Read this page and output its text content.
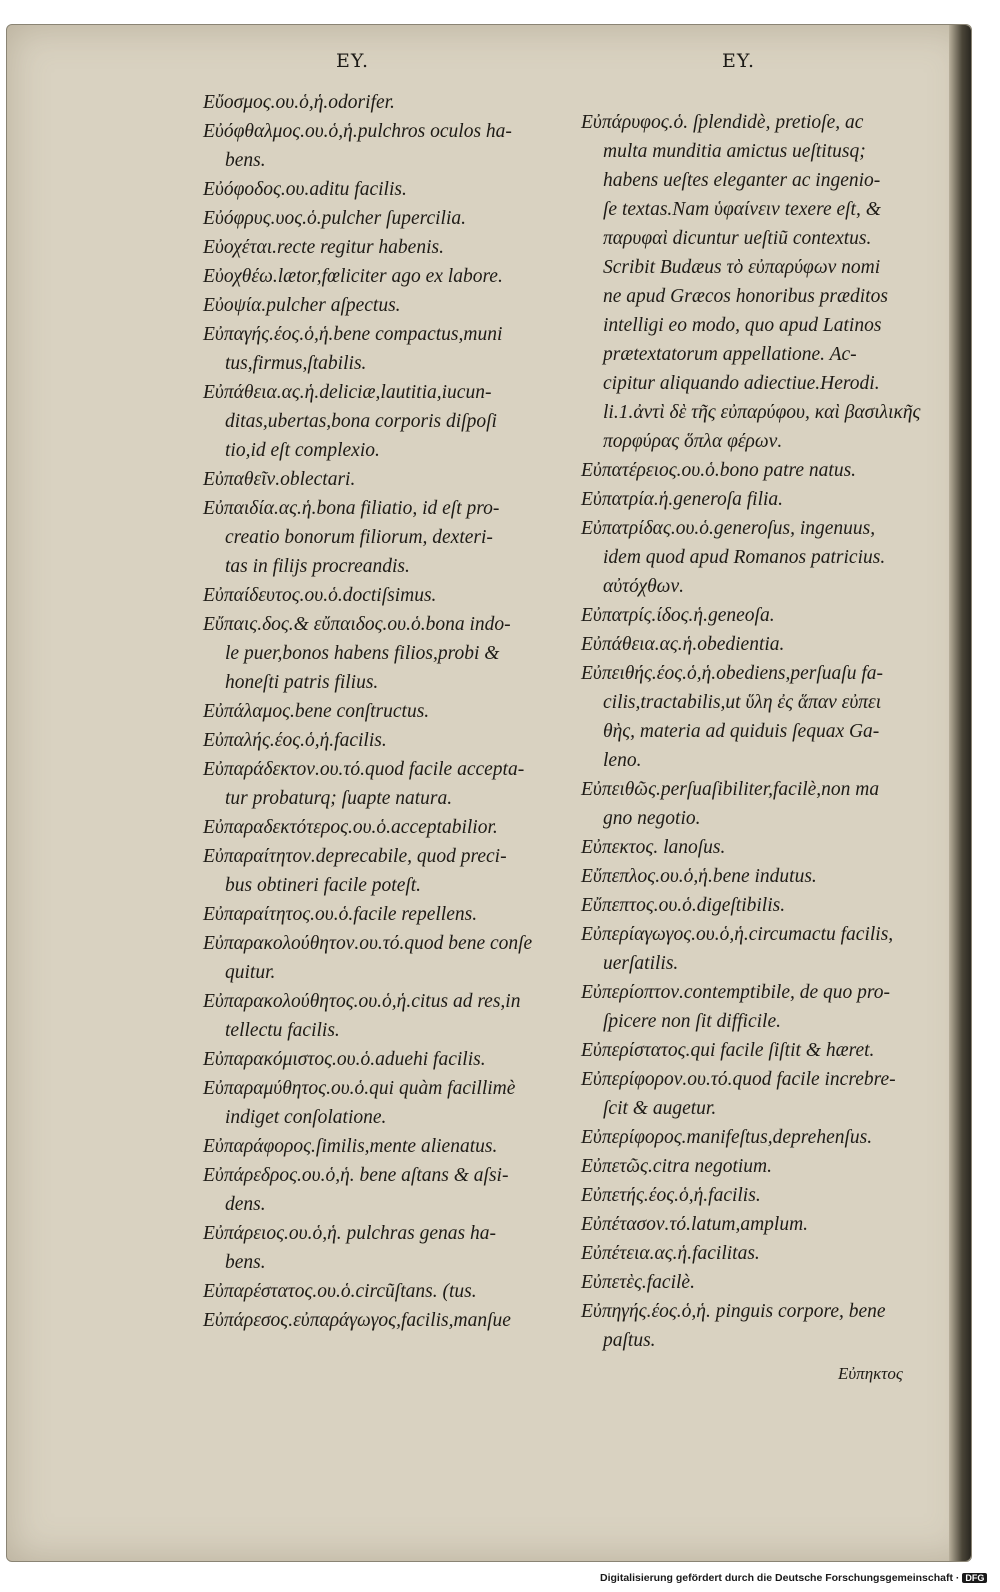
EY.	EY.
Εὔοσμος.ου.ὁ,ἡ.odorifer.
Εὐόφθαλμος.ου.ὁ,ἡ.pulchros oculos ha-
bens.
Εὐόφοδος.ου.aditu facilis.
Εὐόφρυς.υος.ὁ.pulcher ſupercilia.
Εὐοχέται.recte regitur habenis.
Εὐοχθέω.lætor,fœliciter ago ex labore.
Εὐοψία.pulcher aſpectus.
Εὐπαγής.έος.ὁ,ἡ.bene compactus,muni
tus,firmus,ſtabilis.
Εὐπάθεια.ας.ἡ.deliciæ,lautitia,iucun-
ditas,ubertas,bona corporis diſpoſi
tio,id eſt complexio.
Εὐπαθεῖν.oblectari.
Εὐπαιδία.ας.ἡ.bona filiatio, id eſt pro-
creatio bonorum filiorum, dexteri-
tas in filijs procreandis.
Εὐπαίδευτος.ου.ὁ.doctiſsimus.
Εὔπαις.δος.& εὔπαιδος.ου.ὁ.bona indo-
le puer,bonos habens filios,probi &
honeſti patris filius.
Εὐπάλαμος.bene conſtructus.
Εὐπαλής.έος.ὁ,ἡ.facilis.
Εὐπαράδεκτον.ου.τό.quod facile accepta-
tur probaturq; ſuapte natura.
Εὐπαραδεκτότερος.ου.ὁ.acceptabilior.
Εὐπαραίτητον.deprecabile, quod preci-
bus obtineri facile poteſt.
Εὐπαραίτητος.ου.ὁ.facile repellens.
Εὐπαρακολούθητον.ου.τό.quod bene conſe
quitur.
Εὐπαρακολούθητος.ου.ὁ,ἡ.citus ad res,in
tellectu facilis.
Εὐπαρακόμιστος.ου.ὁ.aduehi facilis.
Εὐπαραμύθητος.ου.ὁ.qui quàm facillimè
indiget conſolatione.
Εὐπαράφορος.ſimilis,mente alienatus.
Εὐπάρεδρος.ου.ὁ,ἡ. bene aſtans & aſsi-
dens.
Εὐπάρειος.ου.ὁ,ἡ. pulchras genas ha-
bens.
Εὐπαρέστατος.ου.ὁ.circũſtans. (tus.
Εὐπάρεσος.εὐπαράγωγος,facilis,manſue
Εὐπάρυφος.ὁ. ſplendidè, pretioſe, ac
multa munditia amictus ueſtitusq;
habens ueſtes eleganter ac ingenio-
ſe textas.Nam ὑφαίνειν texere eſt, &
παρυφαὶ dicuntur ueſtiũ contextus.
Scribit Budæus τὸ εὐπαρύφων nomi
ne apud Græcos honoribus præditos
intelligi eo modo, quo apud Latinos
prætextatorum appellatione. Ac-
cipitur aliquando adiectiue.Herodi.
li.1.ἀντὶ δὲ τῆς εὐπαρύφου, καὶ βασιλικῆς
πορφύρας ὅπλα φέρων.
Εὐπατέρειος.ου.ὁ.bono patre natus.
Εὐπατρία.ἡ.generoſa filia.
Εὐπατρίδας.ου.ὁ.generoſus, ingenuus,
idem quod apud Romanos patricius.
αὐτόχθων.
Εὐπατρίς.ίδος.ἡ.geneoſa.
Εὐπάθεια.ας.ἡ.obedientia.
Εὐπειθής.έος.ὁ,ἡ.obediens,perſuaſu fa-
cilis,tractabilis,ut ὕλη ἐς ἅπαν εὐπει
θὴς, materia ad quiduis ſequax Ga-
leno.
Εὐπειθῶς.perſuaſibiliter,facilè,non ma
gno negotio.
Εὐπεκτος. lanoſus.
Εὔπεπλος.ου.ὁ,ἡ.bene indutus.
Εὔπεπτος.ου.ὁ.digeſtibilis.
Εὐπερίαγωγος.ου.ὁ,ἡ.circumactu facilis,
uerſatilis.
Εὐπερίοπτον.contemptibile, de quo pro-
ſpicere non ſit difficile.
Εὐπερίστατος.qui facile ſiſtit & hæret.
Εὐπερίφορον.ου.τό.quod facile increbre-
ſcit & augetur.
Εὐπερίφορος.manifeſtus,deprehenſus.
Εὐπετῶς.citra negotium.
Εὐπετής.έος.ὁ,ἡ.facilis.
Εὐπέτασον.τό.latum,amplum.
Εὐπέτεια.ας.ἡ.facilitas.
Εὐπετὲς.facilè.
Εὐπηγής.έος.ὁ,ἡ. pinguis corpore, bene
paſtus.
Εὐπηκτος
Digitalisierung gefördert durch die Deutsche Forschungsgemeinschaft · DFG
